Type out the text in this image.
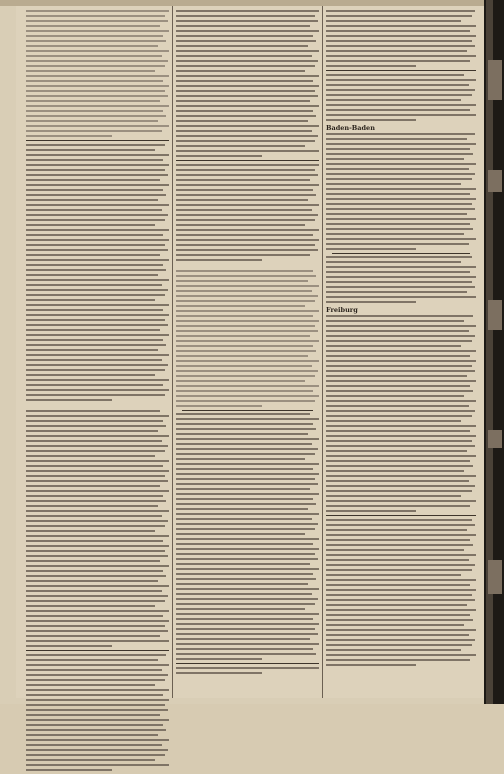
Baden-Baden
Freiburg
